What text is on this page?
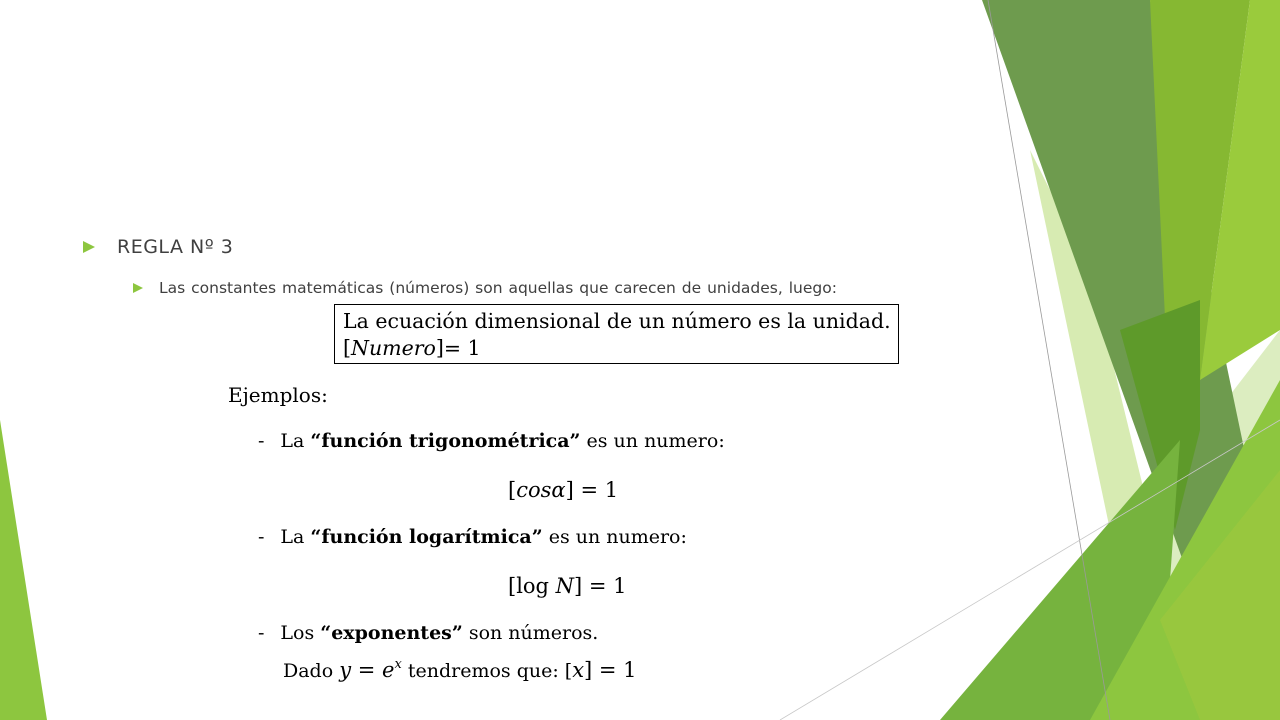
REGLA Nº 3
Las constantes matemáticas (números) son aquellas que carecen de unidades, luego:
La ecuación dimensional de un número es la unidad.
[Numero]= 1
Ejemplos:
- La “función trigonométrica” es un numero:
[cosα] = 1
- La “función logarítmica” es un numero:
[log N] = 1
- Los “exponentes” son números.
Dado $y = e^x$ tendremos que: [x] = 1
